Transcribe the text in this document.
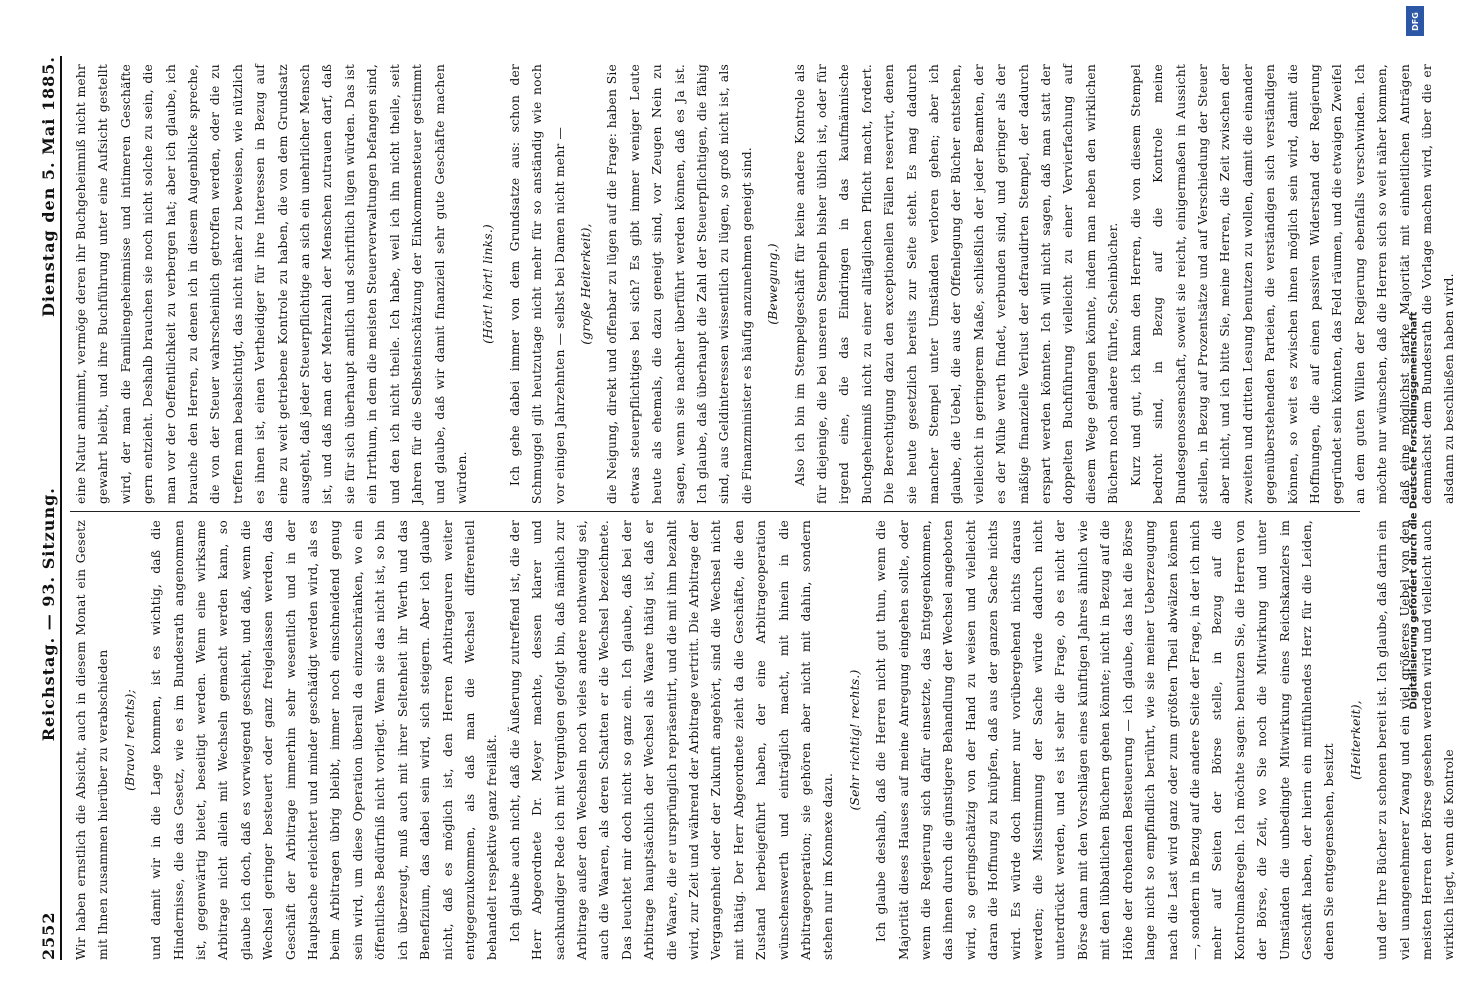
2552
Reichstag. — 93. Sitzung.
Dienstag den 5. Mai 1885.

Wir haben ernstlich die Absicht, auch in diesem Monat ein Gesetz mit Ihnen zusammen hierüber zu verabschieden	(Bravo! rechts);	und damit wir in die Lage kommen, ist es wichtig, daß die Hindernisse, die das Gesetz, wie es im Bundesrath angenommen ist, gegenwärtig bietet, beseitigt werden. Wenn eine wirksame Arbitrage nicht allein mit Wechseln gemacht werden kann, so glaube ich doch, daß es vorwiegend geschieht, und daß, wenn die Wechsel geringer besteuert oder ganz freigelassen werden, das Geschäft der Arbitrage immerhin sehr wesentlich und in der Hauptsache erleichtert und minder geschädigt werden wird, als es beim Arbitragen übrig bleibt, immer noch einschneidend genug sein wird, um diese Operation überall da einzuschränken, wo ein öffentliches Bedürfniß nicht vorliegt. Wenn sie das nicht ist, so bin ich überzeugt, muß auch mit ihrer Seltenheit ihr Werth und das Benefizium, das dabei sein wird, sich steigern. Aber ich glaube nicht, daß es möglich ist, den Herren Arbitrageuren weiter entgegenzukommen, als daß man die Wechsel differentiell behandelt respektive ganz freiläßt. Ich glaube auch nicht, daß die Äußerung zutreffend ist, die der Herr Abgeordnete Dr. Meyer machte, dessen klarer und sachkundiger Rede ich mit Vergnügen gefolgt bin, daß nämlich zur Arbitrage außer den Wechseln noch vieles andere nothwendig sei, auch die Waaren, als deren Schatten er die Wechsel bezeichnete. Das leuchtet mir doch nicht so ganz ein. Ich glaube, daß bei der Arbitrage hauptsächlich der Wechsel als Waare thätig ist, daß er die Waare, die er ursprünglich repräsentirt, und die mit ihm bezahlt wird, zur Zeit und während der Arbitrage vertritt. Die Arbitrage der Vergangenheit oder der Zukunft angehört, sind die Wechsel nicht mit thätig. Der Herr Abgeordnete zieht da die Geschäfte, die den Zustand herbeigeführt haben, der eine Arbitrageoperation wünschenswerth und einträglich macht, mit hinein in die Arbitrageoperation; sie gehören aber nicht mit dahin, sondern stehen nur im Konnexe dazu.

(Sehr richtig! rechts.)	Ich glaube deshalb, daß die Herren nicht gut thun, wenn die Majorität dieses Hauses auf meine Anregung eingehen sollte, oder wenn die Regierung sich dafür einsetzte, das Entgegenkommen, das ihnen durch die günstigere Behandlung der Wechsel angeboten wird, so geringschätzig von der Hand zu weisen und vielleicht daran die Hoffnung zu knüpfen, daß aus der ganzen Sache nichts wird. Es würde doch immer nur vorübergehend nichts daraus werden; die Misstimmung der Sache würde dadurch nicht unterdrückt werden, und es ist sehr die Frage, ob es nicht der Börse dann mit den Vorschlägen eines künftigen Jahres ähnlich wie mit den lübbatlichen Büchern gehen könnte; nicht in Bezug auf die Höhe der drohenden Besteuerung — ich glaube, das hat die Börse lange nicht so empfindlich berührt, wie sie meiner Ueberzeugung nach die Last wird ganz oder zum größten Theil abwälzen können —, sondern in Bezug auf die andere Seite der Frage, in der ich mich mehr auf Seiten der Börse stelle, in Bezug auf die Kontrolmaßregeln. Ich möchte sagen: benutzen Sie, die Herren von der Börse, die Zeit, wo Sie noch die Mitwirkung und unter Umständen die unbedingte Mitwirkung eines Reichskanzlers im Geschäft haben, der hierin ein mitfühlendes Herz für die Leiden, denen Sie entgegensehen, besitzt

(Heiterkeit),	und der Ihre Bücher zu schonen bereit ist. Ich glaube, daß darin ein viel unangenehmerer Zwang und ein viel größeres Uebel von den meisten Herren der Börse gesehen werden wird und vielleicht auch wirklich liegt, wenn die Kontrole

eine Natur annimmt, vermöge deren ihr Buchgeheimniß nicht mehr gewahrt bleibt, und ihre Buchführung unter eine Aufsicht gestellt wird, der man die Familiengeheimnisse und intimeren Geschäfte gern entzieht. Deshalb brauchen sie noch nicht solche zu sein, die man vor der Oeffentlichkeit zu verbergen hat; aber ich glaube, ich brauche den Herren, zu denen ich in diesem Augenblicke spreche, die von der Steuer wahrscheinlich getroffen werden, oder die zu treffen man beabsichtigt, das nicht näher zu beweisen, wie nützlich es ihnen ist, einen Vertheidiger für ihre Interessen in Bezug auf eine zu weit getriebene Kontrole zu haben, die von dem Grundsatz ausgeht, daß jeder Steuerpflichtige an sich ein unehrlicher Mensch ist, und daß man der Mehrzahl der Menschen zutrauen darf, daß sie für sich überhaupt amtlich und schriftlich lügen würden. Das ist ein Irrthum, in dem die meisten Steuerverwaltungen befangen sind, und den ich nicht theile. Ich habe, weil ich ihn nicht theile, seit Jahren für die Selbsteinschätzung der Einkommensteuer gestimmt und glaube, daß wir damit finanziell sehr gute Geschäfte machen würden.

(Hört! hört! links.)	Ich gehe dabei immer von dem Grundsatze aus: schon der Schmuggel gilt heutzutage nicht mehr für so anständig wie noch vor einigen Jahrzehnten — selbst bei Damen nicht mehr —	(große Heiterkeit),	die Neigung, direkt und offenbar zu lügen auf die Frage: haben Sie etwas steuerpflichtiges bei sich? Es gibt immer weniger Leute heute als ehemals, die dazu geneigt sind, vor Zeugen Nein zu sagen, wenn sie nachher überführt werden können, daß es Ja ist. Ich glaube, daß überhaupt die Zahl der Steuerpflichtigen, die fähig sind, aus Geldinteressen wissentlich zu lügen, so groß nicht ist, als die Finanzminister es häufig anzunehmen geneigt sind.	(Bewegung.)	Also ich bin im Stempelgeschäft für keine andere Kontrole als für diejenige, die bei unseren Stempeln bisher üblich ist, oder für irgend eine, die das Eindringen in das kaufmännische Buchgeheimniß nicht zu einer alltäglichen Pflicht macht, fordert. Die Berechtigung dazu den exceptionellen Fällen reservirt, denen sie heute gesetzlich bereits zur Seite steht. Es mag dadurch mancher Stempel unter Umständen verloren gehen; aber ich glaube, die Uebel, die aus der Offenlegung der Bücher entstehen, vielleicht in geringerem Maße, schließlich der jeder Beamten, der es der Mühe werth findet, verbunden sind, und geringer als der mäßige finanzielle Verlust der defraudirten Stempel, der dadurch erspart werden könnten. Ich will nicht sagen, daß man statt der doppelten Buchführung vielleicht zu einer Vervierfachung auf diesem Wege gelangen könnte, indem man neben den wirklichen Büchern noch andere führte, Scheinbücher. Kurz und gut, ich kann den Herren, die von diesem Stempel bedroht sind, in Bezug auf die Kontrole meine Bundesgenossenschaft, soweit sie reicht, einigermaßen in Aussicht stellen, in Bezug auf Prozentsätze und auf Verschiedung der Steuer aber nicht, und ich bitte Sie, meine Herren, die Zeit zwischen der zweiten und dritten Lesung benutzen zu wollen, damit die einander gegenüberstehenden Parteien, die verständigen sich verständigen können, so weit es zwischen ihnen möglich sein wird, damit die Hoffnungen, die auf einen passiven Widerstand der Regierung gegründet sein könnten, das Feld räumen, und die etwaigen Zweifel an dem guten Willen der Regierung ebenfalls verschwinden. Ich möchte nur wünschen, daß die Herren sich so weit näher kommen, daß eine möglichst starke Majorität mit einheitlichen Anträgen demnächst dem Bundesrath die Vorlage machen wird, über die er alsdann zu beschließen haben wird.

DFG
Digitalisierung gefördert durch die Deutsche Forschungsgemeinschaft
